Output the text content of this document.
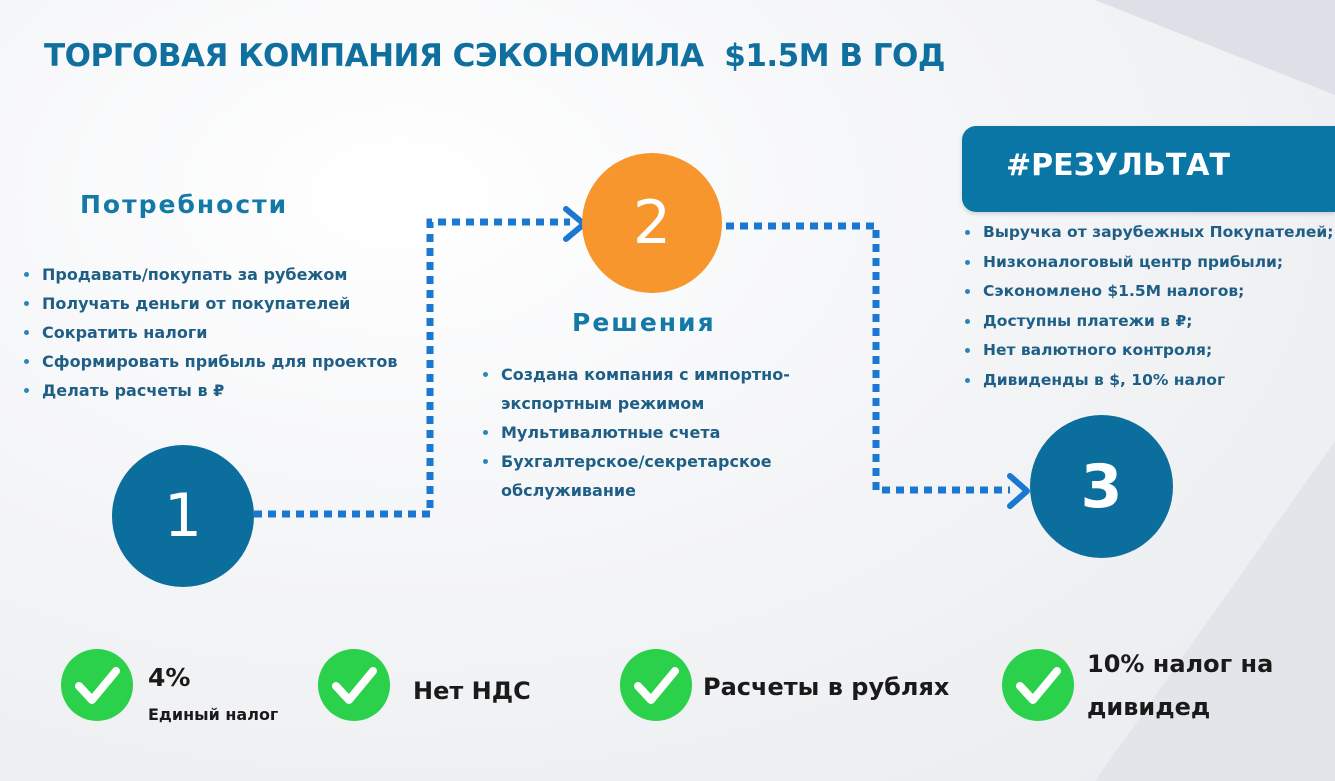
ТОРГОВАЯ КОМПАНИЯ СЭКОНОМИЛА  $1.5М В ГОД
Потребности
Продавать/покупать за рубежом
Получать деньги от покупателей
Сократить налоги
Сформировать прибыль для проектов
Делать расчеты в ₽
Решения
Создана компания с импортно-экспортным режимом
Мультивалютные счета
Бухгалтерское/секретарское обслуживание
#РЕЗУЛЬТАТ
Выручка от зарубежных Покупателей;
Низконалоговый центр прибыли;
Сэкономлено $1.5М налогов;
Доступны платежи в ₽;
Нет валютного контроля;
Дивиденды в $, 10% налог
1
2
3
4%
Единый налог
Нет НДС	Расчеты в рублях
10% налог на
дивидед
